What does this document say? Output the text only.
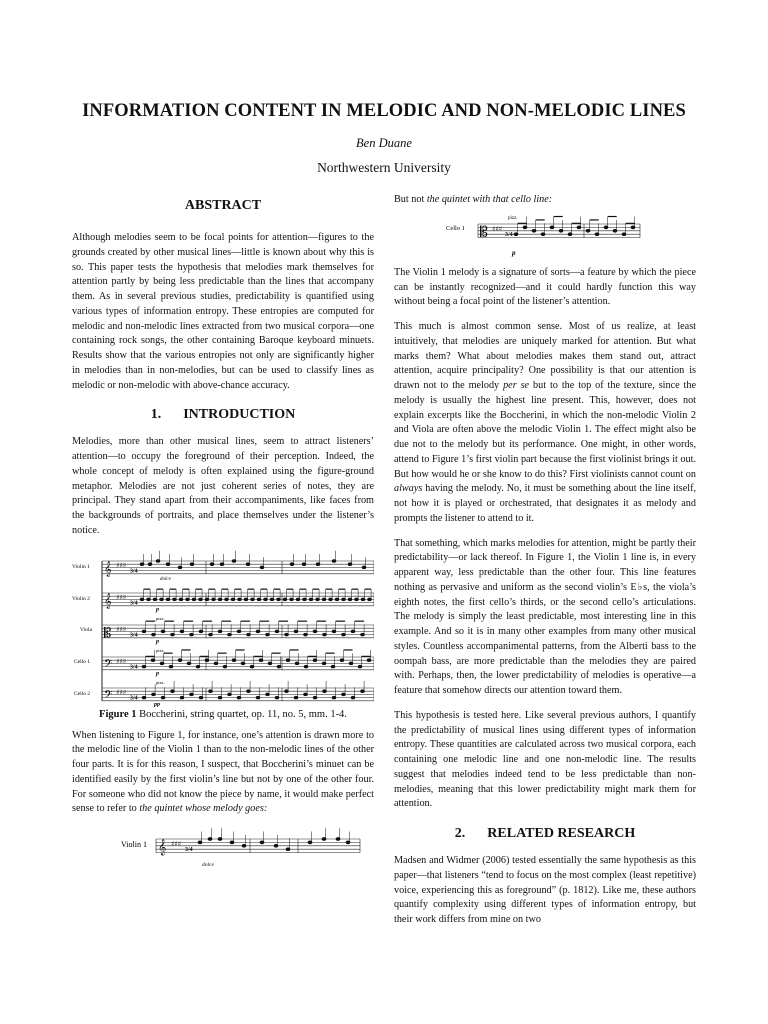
INFORMATION CONTENT IN MELODIC AND NON-MELODIC LINES
Ben Duane
Northwestern University
ABSTRACT

Although melodies seem to be focal points for attention—figures to the grounds created by other musical lines—little is known about why this is so. This paper tests the hypothesis that melodies mark themselves for attention partly by being less predictable than the lines that accompany them. As in several previous studies, predictability is quantified using various types of information entropy. These entropies are computed for melodic and non-melodic lines extracted from two musical corpora—one containing rock songs, the other containing Baroque keyboard minuets. Results show that the various entropies not only are significantly higher in melodies than in non-melodies, but can be used to classify lines as melodic or non-melodic with above-chance accuracy.

1. INTRODUCTION

Melodies, more than other musical lines, seem to attract listeners’ attention—to occupy the foreground of their perception. Indeed, the whole concept of melody is often explained using the figure-ground metaphor. Melodies are not just coherent series of notes, they are principal. They stand apart from their accompaniments, like faces from the backgrounds of portraits, and place themselves under the listener’s notice.

𝄞 ♯♯♯
3/4
𝄞 ♯♯♯
3/4
𝄡 ♯♯♯
3/4
𝄢 ♯♯♯
3/4
𝄢 ♯♯♯
3/4
Violin 1
Violin 2
Viola
Cello 1
Cello 2
dolce
p
p
p
pp
pizz.
pizz.
pizz.
Figure 1 Boccherini, string quartet, op. 11, no. 5, mm. 1-4.

When listening to Figure 1, for instance, one’s attention is drawn more to the melodic line of the Violin 1 than to the non-melodic lines of the other four parts. It is for this reason, I suspect, that Boccherini’s minuet can be identified easily by the first violin’s line but not by one of the other four. For someone who did not know the piece by name, it would make perfect sense to refer to the quintet whose melody goes:

𝄞 ♯♯♯
3/4
Violin 1
dolce

But not the quintet with that cello line:

𝄡 ♯♯♯
3/4
Cello 1
pizz.
p

The Violin 1 melody is a signature of sorts—a feature by which the piece can be instantly recognized—and it could hardly function this way without being a focal point of the listener’s attention.

This much is almost common sense. Most of us realize, at least intuitively, that melodies are uniquely marked for attention. But what marks them? What about melodies makes them stand out, attract attention, acquire principality? One possibility is that our attention is drawn not to the melody per se but to the top of the texture, since the melody is usually the highest line present. This, however, does not explain excerpts like the Boccherini, in which the non-melodic Violin 2 and Viola are often above the melodic Violin 1. The effect might also be due not to the melody but its performance. One might, in other words, attend to Figure 1’s first violin part because the first violinist brings it out. But how would he or she know to do this? First violinists cannot count on always having the melody. No, it must be something about the line itself, not how it is played or orchestrated, that designates it as melody and prompts the listener to attend to it.

That something, which marks melodies for attention, might be partly their predictability—or lack thereof. In Figure 1, the Violin 1 line is, in every apparent way, less predictable than the other four. This line features nothing as pervasive and uniform as the second violin’s E♭s, the viola’s eighth notes, the first cello’s thirds, or the second cello’s articulations. The melody is simply the least predictable, most interesting line in this example. And so it is in many other examples from many other musical styles. Countless accompanimental patterns, from the Alberti bass to the oompah bass, are more predictable than the melodies they are paired with. Perhaps, then, the lower predictability of melodies is operative—a feature that somehow directs our attention toward them.

This hypothesis is tested here. Like several previous authors, I quantify the predictability of musical lines using different types of information entropy. These quantities are calculated across two musical corpora, each containing one melodic line and one non-melodic line. The results suggest that melodies indeed tend to be less predictable than non-melodies, meaning that this lower predictability might mark them for attention.

2. RELATED RESEARCH

Madsen and Widmer (2006) tested essentially the same hypothesis as this paper—that listeners “tend to focus on the most complex (least repetitive) voice, experiencing this as foreground” (p. 1812). Like me, these authors quantify complexity using different types of information entropy, but their work differs from mine on two
